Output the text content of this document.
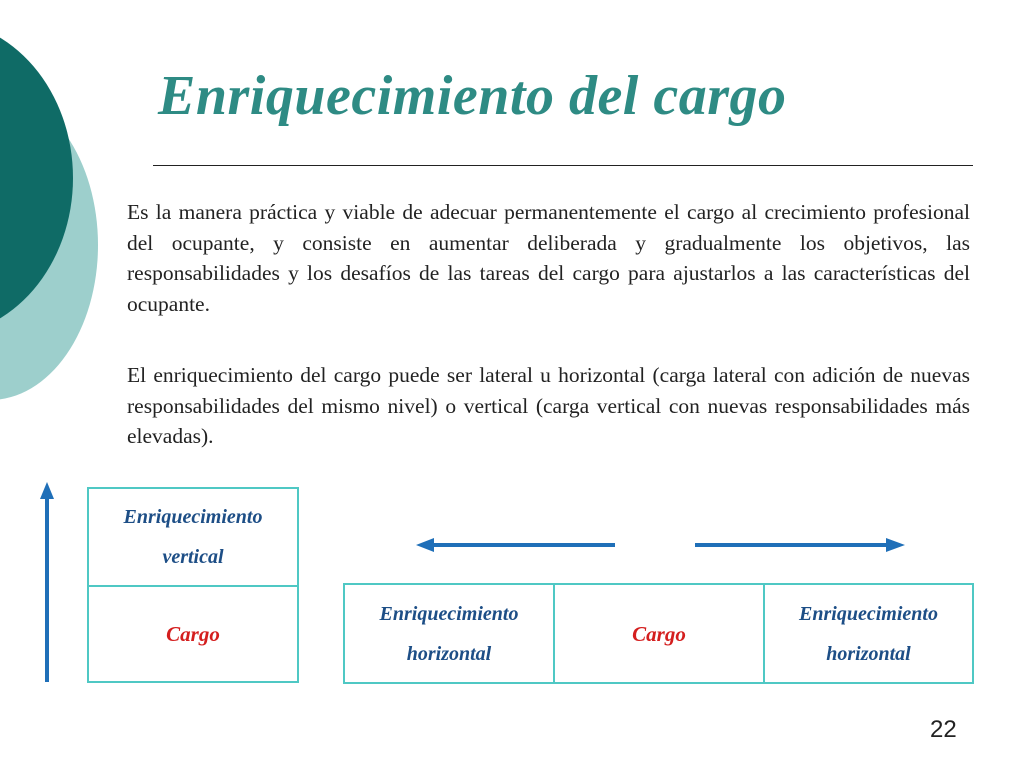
Enriquecimiento del cargo

Es la manera práctica y viable de adecuar permanentemente el cargo al crecimiento profesional del ocupante, y consiste en aumentar deliberada y gradualmente los objetivos, las responsabilidades y los desafíos de las tareas del cargo para ajustarlos a las características del ocupante.

El enriquecimiento del cargo puede ser lateral u horizontal (carga lateral con adición de nuevas responsabilidades del mismo nivel) o vertical (carga vertical con nuevas responsabilidades más elevadas).

Enriquecimiento
vertical
Cargo
Enriquecimiento
horizontal
Cargo
Enriquecimiento
horizontal
22
